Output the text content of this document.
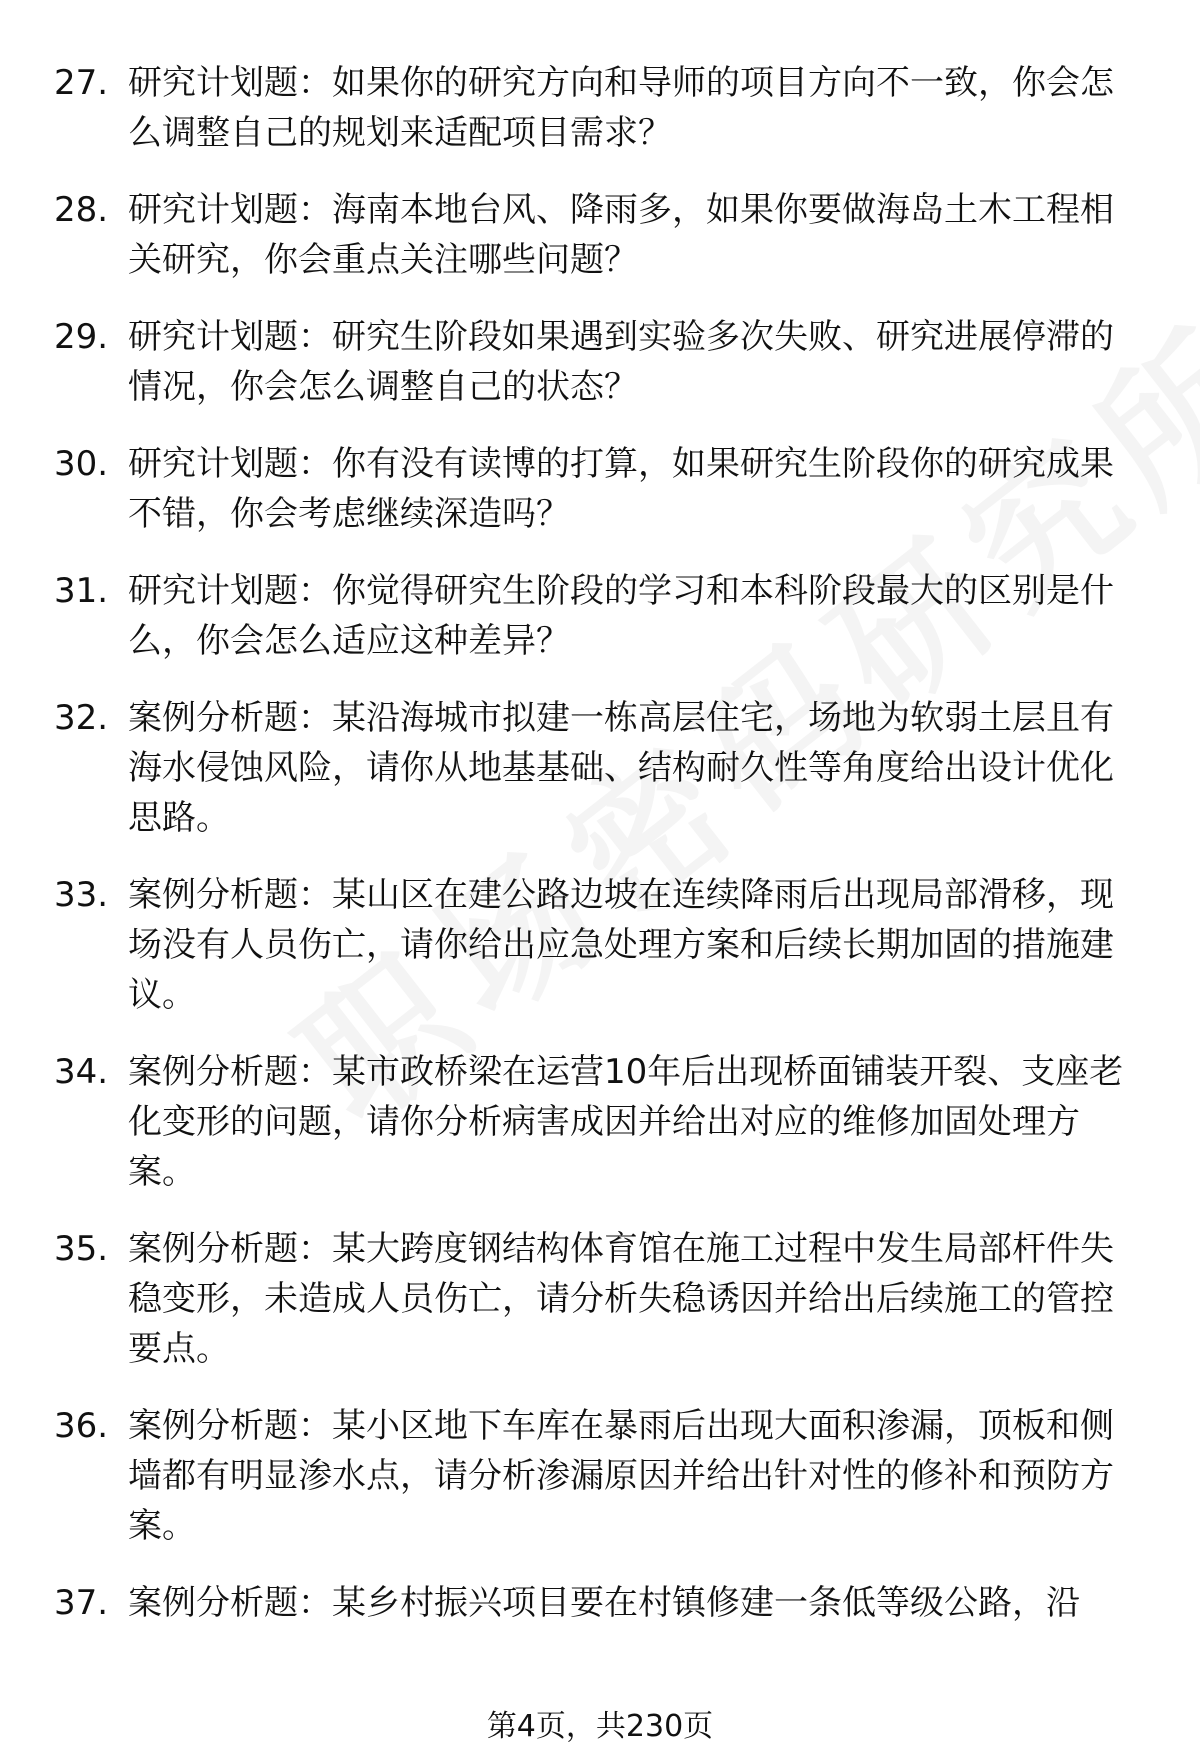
27. 研究计划题：如果你的研究方向和导师的项目方向不一致，你会怎么调整自己的规划来适配项目需求？
28. 研究计划题：海南本地台风、降雨多，如果你要做海岛土木工程相关研究，你会重点关注哪些问题？
29. 研究计划题：研究生阶段如果遇到实验多次失败、研究进展停滞的情况，你会怎么调整自己的状态？
30. 研究计划题：你有没有读博的打算，如果研究生阶段你的研究成果不错，你会考虑继续深造吗？
31. 研究计划题：你觉得研究生阶段的学习和本科阶段最大的区别是什么，你会怎么适应这种差异？
32. 案例分析题：某沿海城市拟建一栋高层住宅，场地为软弱土层且有海水侵蚀风险，请你从地基基础、结构耐久性等角度给出设计优化思路。
33. 案例分析题：某山区在建公路边坡在连续降雨后出现局部滑移，现场没有人员伤亡，请你给出应急处理方案和后续长期加固的措施建议。
34. 案例分析题：某市政桥梁在运营10年后出现桥面铺装开裂、支座老化变形的问题，请你分析病害成因并给出对应的维修加固处理方案。
35. 案例分析题：某大跨度钢结构体育馆在施工过程中发生局部杆件失稳变形，未造成人员伤亡，请分析失稳诱因并给出后续施工的管控要点。
36. 案例分析题：某小区地下车库在暴雨后出现大面积渗漏，顶板和侧墙都有明显渗水点，请分析渗漏原因并给出针对性的修补和预防方案。
37. 案例分析题：某乡村振兴项目要在村镇修建一条低等级公路，沿
第4页，共230页
